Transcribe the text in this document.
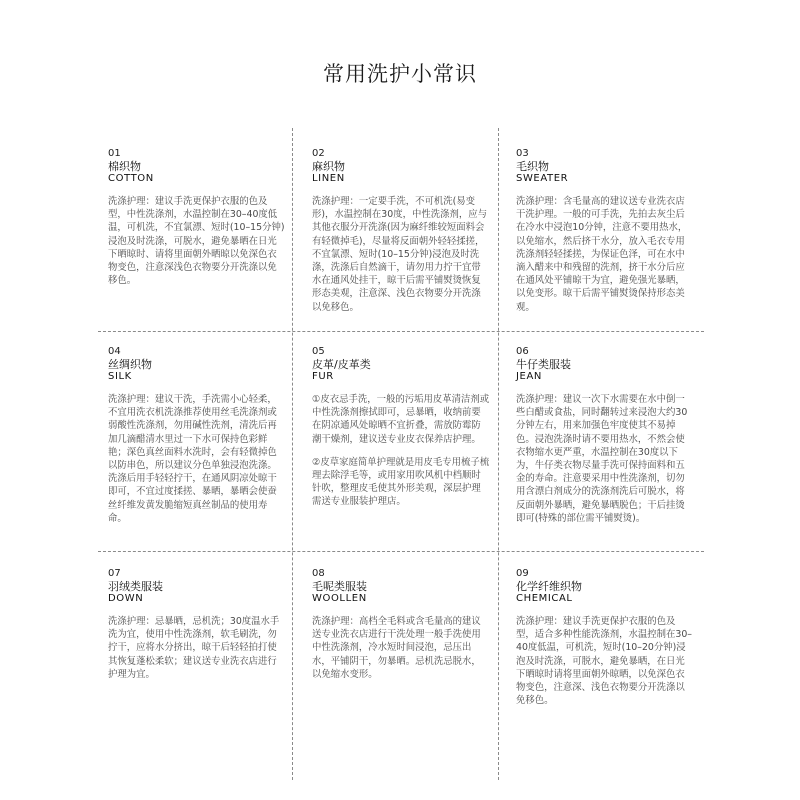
常用洗护小常识
01
棉织物
COTTON

洗涤护理：建议手洗更保护衣服的色及型，中性洗涤剂，水温控制在30–40度低温，可机洗，不宜氯漂、短时(10–15分钟)浸泡及时洗涤，可脱水，避免暴晒在日光下晒晾时、请将里面朝外晒晾以免深色衣物变色，注意深浅色衣物要分开洗涤以免移色。

02
麻织物
LINEN

洗涤护理：一定要手洗，不可机洗(易变形)，水温控制在30度，中性洗涤剂，应与其他衣服分开洗涤(因为麻纤维较短面料会有轻微掉毛)，尽量将反面朝外轻轻揉搓，不宜氯漂、短时(10–15分钟)浸泡及时洗涤，洗涤后自然滴干，请勿用力拧干宜带水在通风处挂干，晾干后需平铺熨烫恢复形态美观，注意深、浅色衣物要分开洗涤以免移色。

03
毛织物
SWEATER

洗涤护理：含毛量高的建议送专业洗衣店干洗护理。一般的可手洗，先拍去灰尘后在冷水中浸泡10分钟，注意不要用热水，以免缩水，然后挤干水分，放入毛衣专用洗涤剂轻轻揉搓，为保证色泽，可在水中滴入醋来中和残留的洗剂，挤干水分后应在通风处平铺晾干为宜，避免强光暴晒，以免变形。晾干后需平铺熨烫保持形态美观。

04
丝绸织物
SILK

洗涤护理：建议干洗，手洗需小心轻柔，不宜用洗衣机洗涤推荐使用丝毛洗涤剂或弱酸性洗涤剂，勿用碱性洗剂，清洗后再加几滴醋清水里过一下水可保持色彩鲜艳；深色真丝面料水洗时，会有轻微掉色以防串色，所以建议分色单独浸泡洗涤。洗涤后用手轻轻拧干，在通风阴凉处晾干即可，不宜过度揉搓、暴晒，暴晒会使蚕丝纤维发黄发脆缩短真丝制品的使用寿命。

05
皮革/皮革类
FUR

①皮衣忌手洗，一般的污垢用皮革清洁剂或中性洗涤剂擦拭即可，忌暴晒，收纳前要在阴凉通风处晾晒不宜折叠，需放防霉防潮干燥剂，建议送专业皮衣保养店护理。

②皮草家庭简单护理就是用皮毛专用梳子梳理去除浮毛等，或用家用吹风机中档顺时针吹，整理皮毛使其外形美观，深层护理需送专业服装护理店。

06
牛仔类服装
JEAN

洗涤护理：建议一次下水需要在水中倒一些白醋或食盐，同时翻转过来浸泡大约30分钟左右，用来加强色牢度使其不易掉色。浸泡洗涤时请不要用热水，不然会使衣物缩水更严重，水温控制在30度以下为，牛仔类衣物尽量手洗可保持面料和五金的寿命。注意要采用中性洗涤剂，切勿用含漂白剂成分的洗涤剂洗后可脱水，将反面朝外暴晒，避免暴晒脱色；干后挂烫即可(特殊的部位需平铺熨烫)。

07
羽绒类服装
DOWN

洗涤护理：忌暴晒，忌机洗；30度温水手洗为宜，使用中性洗涤剂，软毛刷洗，勿拧干，应将水分挤出，晾干后轻轻拍打使其恢复蓬松柔软；建议送专业洗衣店进行护理为宜。

08
毛呢类服装
WOOLLEN

洗涤护理：高档全毛料或含毛量高的建议送专业洗衣店进行干洗处理一般手洗使用中性洗涤剂，冷水短时间浸泡，忌压出水，平铺阴干，勿暴晒。忌机洗忌脱水，以免缩水变形。

09
化学纤维织物
CHEMICAL

洗涤护理：建议手洗更保护衣服的色及型，适合多种性能洗涤剂，水温控制在30–40度低温，可机洗，短时(10–20分钟)浸泡及时洗涤，可脱水，避免暴晒，在日光下晒晾时请将里面朝外晾晒，以免深色衣物变色，注意深、浅色衣物要分开洗涤以免移色。
